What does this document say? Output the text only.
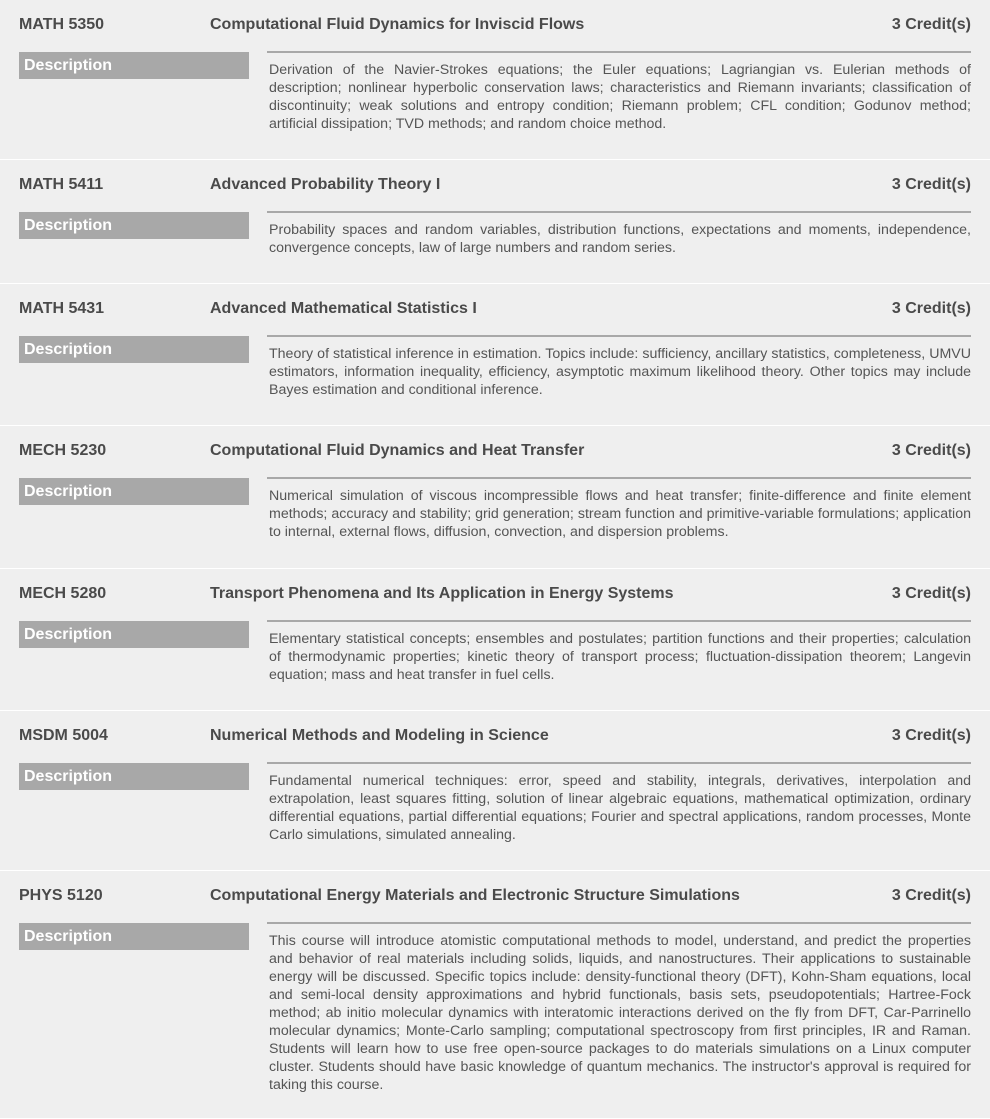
MATH 5350	Computational Fluid Dynamics for Inviscid Flows	3 Credit(s)
Description	Derivation of the Navier-Strokes equations; the Euler equations; Lagriangian vs. Eulerian methods of description; nonlinear hyperbolic conservation laws; characteristics and Riemann invariants; classification of discontinuity; weak solutions and entropy condition; Riemann problem; CFL condition; Godunov method; artificial dissipation; TVD methods; and random choice method.
MATH 5411	Advanced Probability Theory I	3 Credit(s)
Description	Probability spaces and random variables, distribution functions, expectations and moments, independence, convergence concepts, law of large numbers and random series.
MATH 5431	Advanced Mathematical Statistics I	3 Credit(s)
Description	Theory of statistical inference in estimation. Topics include: sufficiency, ancillary statistics, completeness, UMVU estimators, information inequality, efficiency, asymptotic maximum likelihood theory. Other topics may include Bayes estimation and conditional inference.
MECH 5230	Computational Fluid Dynamics and Heat Transfer	3 Credit(s)
Description	Numerical simulation of viscous incompressible flows and heat transfer; finite-difference and finite element methods; accuracy and stability; grid generation; stream function and primitive-variable formulations; application to internal, external flows, diffusion, convection, and dispersion problems.
MECH 5280	Transport Phenomena and Its Application in Energy Systems	3 Credit(s)
Description	Elementary statistical concepts; ensembles and postulates; partition functions and their properties; calculation of thermodynamic properties; kinetic theory of transport process; fluctuation-dissipation theorem; Langevin equation; mass and heat transfer in fuel cells.
MSDM 5004	Numerical Methods and Modeling in Science	3 Credit(s)
Description	Fundamental numerical techniques: error, speed and stability, integrals, derivatives, interpolation and extrapolation, least squares fitting, solution of linear algebraic equations, mathematical optimization, ordinary differential equations, partial differential equations; Fourier and spectral applications, random processes, Monte Carlo simulations, simulated annealing.
PHYS 5120	Computational Energy Materials and Electronic Structure Simulations	3 Credit(s)
Description	This course will introduce atomistic computational methods to model, understand, and predict the properties and behavior of real materials including solids, liquids, and nanostructures. Their applications to sustainable energy will be discussed. Specific topics include: density-functional theory (DFT), Kohn-Sham equations, local and semi-local density approximations and hybrid functionals, basis sets, pseudopotentials; Hartree-Fock method; ab initio molecular dynamics with interatomic interactions derived on the fly from DFT, Car-Parrinello molecular dynamics; Monte-Carlo sampling; computational spectroscopy from first principles, IR and Raman. Students will learn how to use free open-source packages to do materials simulations on a Linux computer cluster. Students should have basic knowledge of quantum mechanics. The instructor's approval is required for taking this course.
